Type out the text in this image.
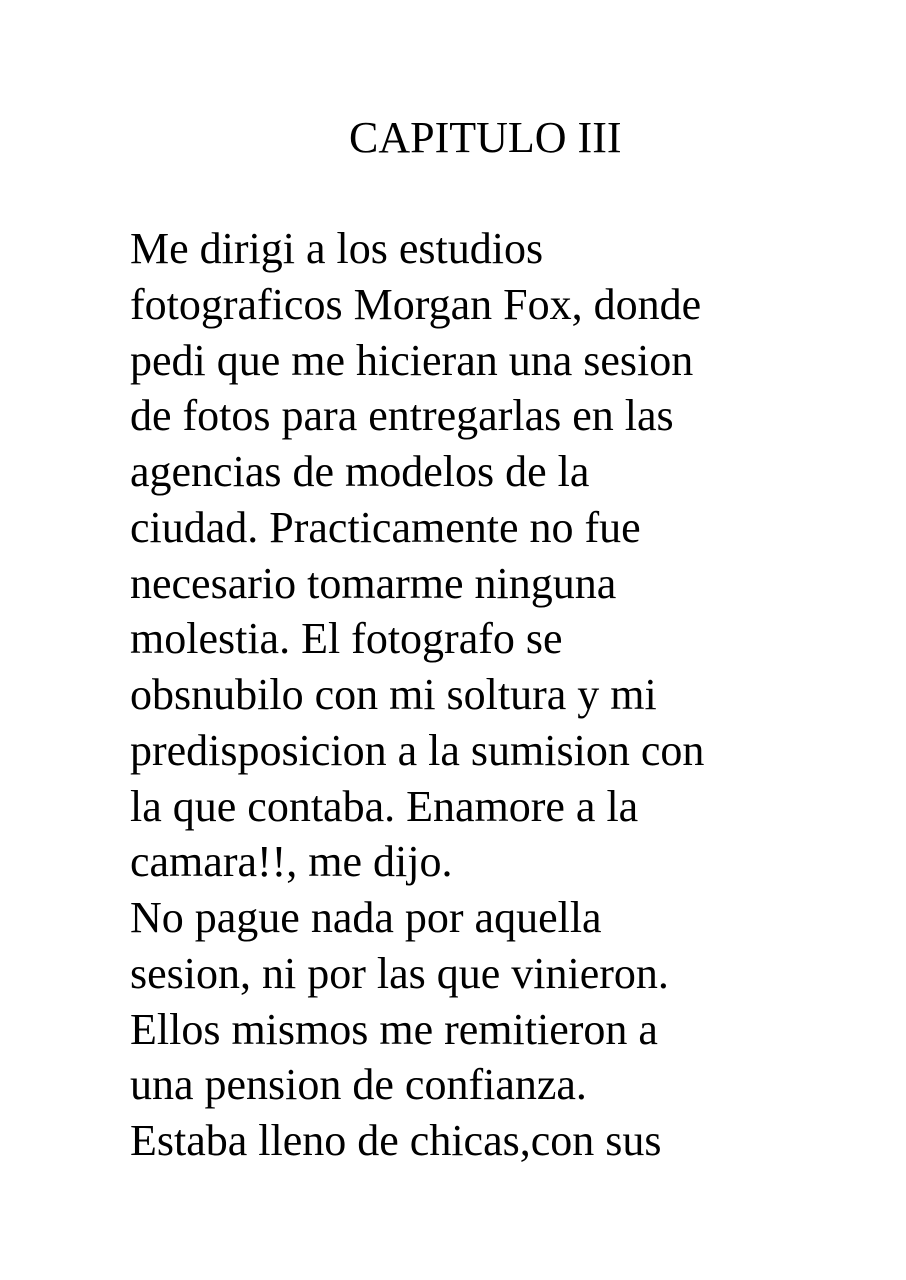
CAPITULO III
Me dirigi a los estudios
fotograficos Morgan Fox, donde
pedi que me hicieran una sesion
de fotos para entregarlas en las
agencias de modelos de la
ciudad. Practicamente no fue
necesario tomarme ninguna
molestia. El fotografo se
obsnubilo con mi soltura y mi
predisposicion a la sumision con
la que contaba. Enamore a la
camara!!, me dijo.
No pague nada por aquella
sesion, ni por las que vinieron.
Ellos mismos me remitieron a
una pension de confianza.
Estaba lleno de chicas,con sus
